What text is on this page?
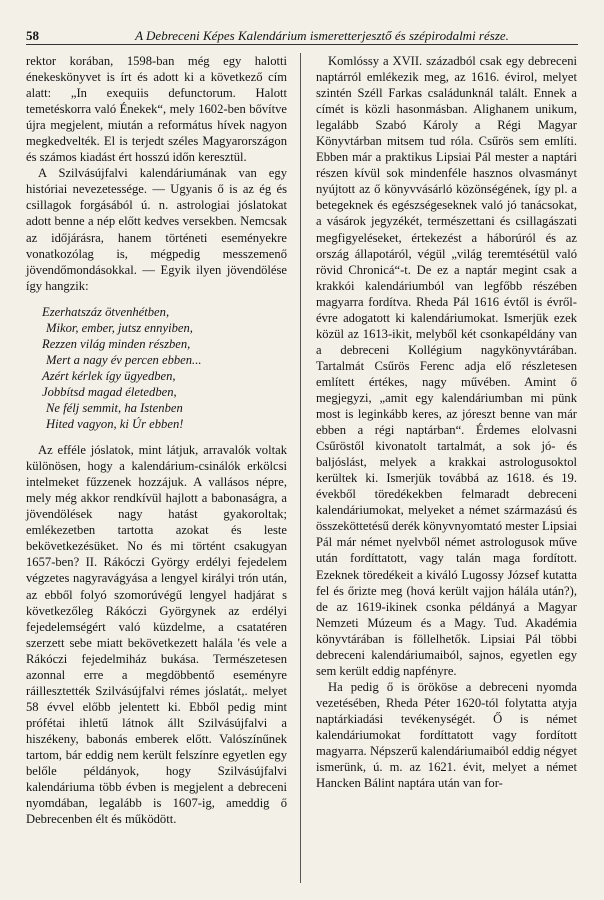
58	A Debreceni Képes Kalendárium ismeretterjesztő és szépirodalmi része.

rektor korában, 1598-ban még egy halotti énekeskönyvet is írt és adott ki a következő cím alatt: „In exequiis defunctorum. Halott temetéskorra való Énekek“, mely 1602-ben bővítve újra megjelent, miután a református hívek nagyon megkedvelték. El is terjedt széles Magyarországon és számos kiadást ért hosszú időn keresztül.

A Szilvásújfalvi kalendáriumának van egy históriai nevezetessége. — Ugyanis ő is az ég és csillagok forgásából ú. n. astrologiai jóslatokat adott benne a nép előtt kedves versekben. Nemcsak az időjárásra, hanem történeti eseményekre vonatkozólag is, mégpedig messzemenő jövendőmondásokkal. — Egyik ilyen jövendölése így hangzik:

Ezerhatszáz ötvenhétben,
Mikor, ember, jutsz ennyiben,
Rezzen világ minden részben,
Mert a nagy év percen ebben...
Azért kérlek így ügyedben,
Jobbítsd magad életedben,
Ne félj semmit, ha Istenben
Hited vagyon, ki Úr ebben!

Az efféle jóslatok, mint látjuk, arravalók voltak különösen, hogy a kalendárium-csinálók erkölcsi intelmeket fűzzenek hozzájuk. A vallásos népre, mely még akkor rendkívül hajlott a babonaságra, a jövendölések nagy hatást gyakoroltak; emlékezetben tartotta azokat és leste bekövetkezésüket. No és mi történt csakugyan 1657-ben? II. Rákóczi György erdélyi fejedelem végzetes nagyravágyása a lengyel királyi trón után, az ebből folyó szomorúvégű lengyel hadjárat s következőleg Rákóczi Györgynek az erdélyi fejedelemségért való küzdelme, a csatatéren szerzett sebe miatt bekövetkezett halála 'és vele a Rákóczi fejedelmiház bukása. Természetesen azonnal erre a megdöbbentő eseményre ráillesztették Szilvásújfalvi rémes jóslatát,. melyet 58 évvel előbb jelentett ki. Ebből pedig mint prófétai ihletű látnok állt Szilvásújfalvi a hiszékeny, babonás emberek előtt. Valószínűnek tartom, bár eddig nem került felszínre egyetlen egy belőle példányok, hogy Szilvásújfalvi kalendáriuma több évben is megjelent a debreceni nyomdában, legalább is 1607-ig, ameddig ő Debrecenben élt és működött.

Komlóssy a XVII. századból csak egy debreceni naptárról emlékezik meg, az 1616. évirol, melyet szintén Széll Farkas családunknál talált. Ennek a címét is közli hasonmásban. Alighanem unikum, legalább Szabó Károly a Régi Magyar Könyvtárban mitsem tud róla. Csűrös sem említi. Ebben már a praktikus Lipsiai Pál mester a naptári részen kívül sok mindenféle hasznos olvasmányt nyújtott az ő könyvvásárló közönségének, így pl. a betegeknek és egészségeseknek való jó tanácsokat, a vásárok jegyzékét, természettani és csillagászati megfigyeléseket, értekezést a háborúról és az ország állapotáról, végül „világ teremtésétül való rövid Chronicá“-t. De ez a naptár megint csak a krakkói kalendáriumból van legfőbb részében magyarra fordítva. Rheda Pál 1616 évtől is évről-évre adogatott ki kalendáriumokat. Ismerjük ezek közül az 1613-ikit, melyből két csonkapéldány van a debreceni Kollégium nagykönyvtárában. Tartalmát Csűrös Ferenc adja elő részletesen említett értékes, nagy művében. Amint ő megjegyzi, „amit egy kalendáriumban mi pünk most is leginkább keres, az jóreszt benne van már ebben a régi naptárban“. Érdemes elolvasni Csűröstől kivonatolt tartalmát, a sok jó- és baljóslást, melyek a krakkai astrologusoktol kerültek ki. Ismerjük továbbá az 1618. és 19. évekből töredékekben felmaradt debreceni kalendáriumokat, melyeket a német származású és összeköttetésű derék könyvnyomtató mester Lipsiai Pál már német nyelvből német astrologusok műve után fordíttatott, vagy talán maga fordított. Ezeknek töredékeit a kiváló Lugossy József kutatta fel és őrizte meg (hová került vajjon hálála után?), de az 1619-ikinek csonka példányá a Magyar Nemzeti Múzeum és a Magy. Tud. Akadémia könyvtárában is föllelhetők. Lipsiai Pál többi debreceni kalendáriumaiból, sajnos, egyetlen egy sem került eddig napfényre.

Ha pedig ő is örököse a debreceni nyomda vezetésében, Rheda Péter 1620-tól folytatta atyja naptárkiadási tevékenységét. Ő is német kalendáriumokat fordíttatott vagy fordított magyarra. Népszerű kalendáriumaiból eddig négyet ismerünk, ú. m. az 1621. évit, melyet a német Hancken Bálint naptára után van for-
